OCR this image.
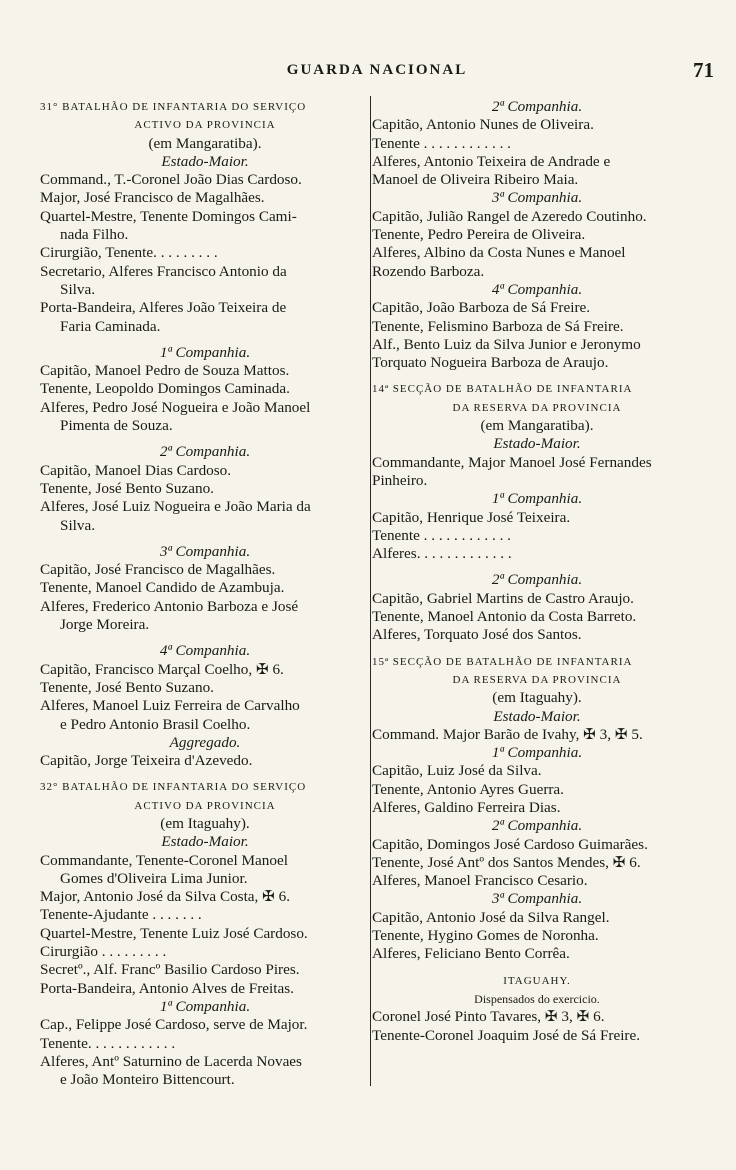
GUARDA NACIONAL	71
31° BATALHÃO DE INFANTARIA DO SERVIÇO
ACTIVO DA PROVINCIA
(em Mangaratiba).
Estado-Maior.
Command., T.-Coronel João Dias Cardoso.
Major, José Francisco de Magalhães.
Quartel-Mestre, Tenente Domingos Cami-
nada Filho.
Cirurgião, Tenente. . . . . . . . .
Secretario, Alferes Francisco Antonio da
Silva.
Porta-Bandeira, Alferes João Teixeira de
Faria Caminada.
1ª Companhia.
Capitão, Manoel Pedro de Souza Mattos.
Tenente, Leopoldo Domingos Caminada.
Alferes, Pedro José Nogueira e João Manoel
Pimenta de Souza.
2ª Companhia.
Capitão, Manoel Dias Cardoso.
Tenente, José Bento Suzano.
Alferes, José Luiz Nogueira e João Maria da
Silva.
3ª Companhia.
Capitão, José Francisco de Magalhães.
Tenente, Manoel Candido de Azambuja.
Alferes, Frederico Antonio Barboza e José
Jorge Moreira.
4ª Companhia.
Capitão, Francisco Marçal Coelho, ✠ 6.
Tenente, José Bento Suzano.
Alferes, Manoel Luiz Ferreira de Carvalho
e Pedro Antonio Brasil Coelho.
Aggregado.
Capitão, Jorge Teixeira d'Azevedo.
32° BATALHÃO DE INFANTARIA DO SERVIÇO
ACTIVO DA PROVINCIA
(em Itaguahy).
Estado-Maior.
Commandante, Tenente-Coronel Manoel
Gomes d'Oliveira Lima Junior.
Major, Antonio José da Silva Costa, ✠ 6.
Tenente-Ajudante . . . . . . .
Quartel-Mestre, Tenente Luiz José Cardoso.
Cirurgião . . . . . . . . .
Secretº., Alf. Francº Basilio Cardoso Pires.
Porta-Bandeira, Antonio Alves de Freitas.
1ª Companhia.
Cap., Felippe José Cardoso, serve de Major.
Tenente. . . . . . . . . . . .
Alferes, Antº Saturnino de Lacerda Novaes
e João Monteiro Bittencourt.
2ª Companhia.
Capitão, Antonio Nunes de Oliveira.
Tenente . . . . . . . . . . . .
Alferes, Antonio Teixeira de Andrade e
Manoel de Oliveira Ribeiro Maia.
3ª Companhia.
Capitão, Julião Rangel de Azeredo Coutinho.
Tenente, Pedro Pereira de Oliveira.
Alferes, Albino da Costa Nunes e Manoel
Rozendo Barboza.
4ª Companhia.
Capitão, João Barboza de Sá Freire.
Tenente, Felismino Barboza de Sá Freire.
Alf., Bento Luiz da Silva Junior e Jeronymo
Torquato Nogueira Barboza de Araujo.
14ª SECÇÃO DE BATALHÃO DE INFANTARIA
DA RESERVA DA PROVINCIA
(em Mangaratiba).
Estado-Maior.
Commandante, Major Manoel José Fernandes
Pinheiro.
1ª Companhia.
Capitão, Henrique José Teixeira.
Tenente . . . . . . . . . . . .
Alferes. . . . . . . . . . . . .
2ª Companhia.
Capitão, Gabriel Martins de Castro Araujo.
Tenente, Manoel Antonio da Costa Barreto.
Alferes, Torquato José dos Santos.
15ª SECÇÃO DE BATALHÃO DE INFANTARIA
DA RESERVA DA PROVINCIA
(em Itaguahy).
Estado-Maior.
Command. Major Barão de Ivahy, ✠ 3, ✠ 5.
1ª Companhia.
Capitão, Luiz José da Silva.
Tenente, Antonio Ayres Guerra.
Alferes, Galdino Ferreira Dias.
2ª Companhia.
Capitão, Domingos José Cardoso Guimarães.
Tenente, José Antº dos Santos Mendes, ✠ 6.
Alferes, Manoel Francisco Cesario.
3ª Companhia.
Capitão, Antonio José da Silva Rangel.
Tenente, Hygino Gomes de Noronha.
Alferes, Feliciano Bento Corrêa.
ITAGUAHY.
Dispensados do exercicio.
Coronel José Pinto Tavares, ✠ 3, ✠ 6.
Tenente-Coronel Joaquim José de Sá Freire.
